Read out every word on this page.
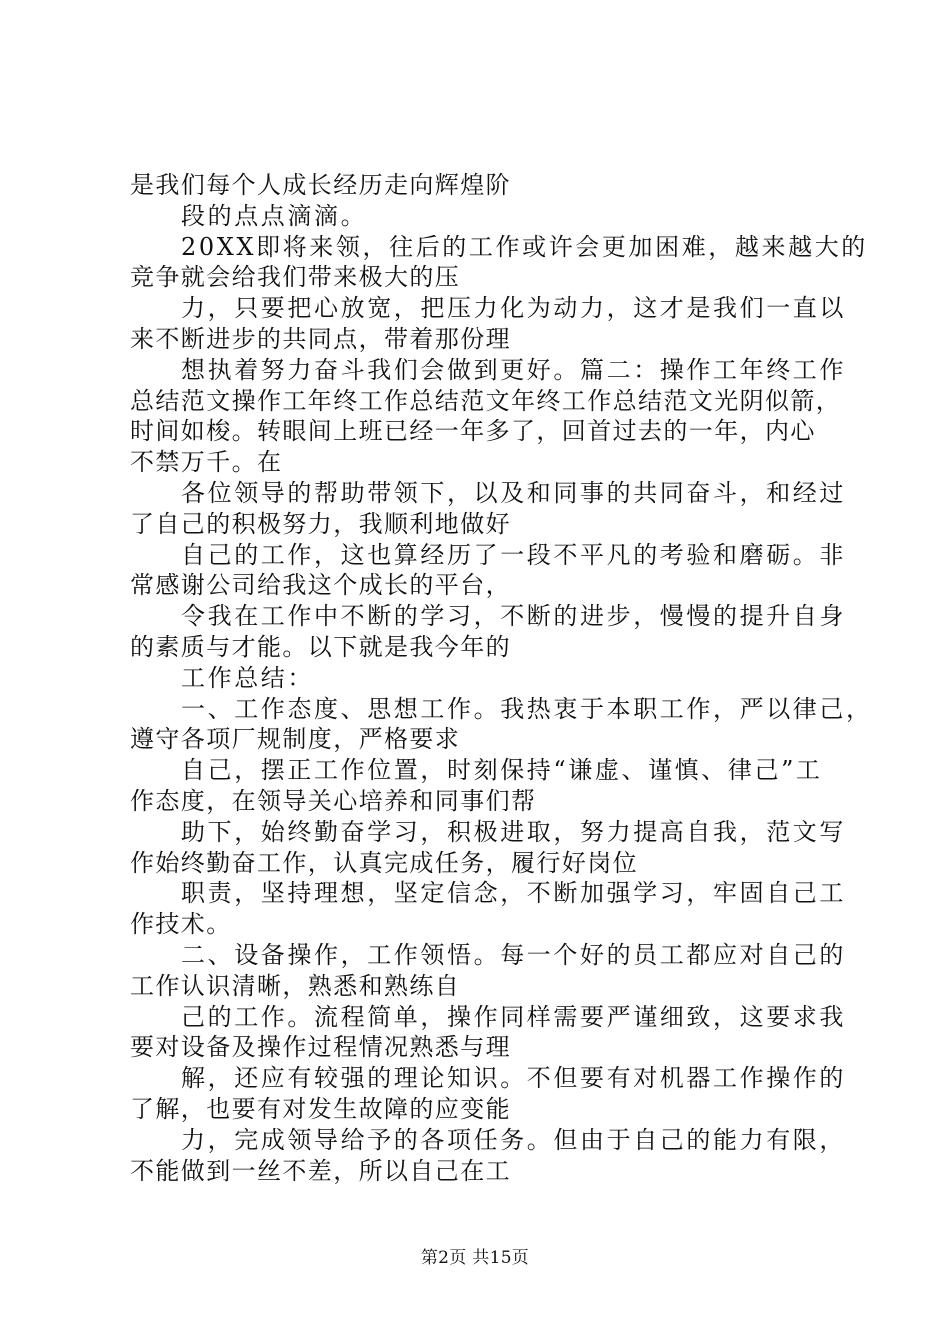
是我们每个人成长经历走向辉煌阶
段的点点滴滴。
20XX即将来领，往后的工作或许会更加困难，越来越大的
竞争就会给我们带来极大的压
力，只要把心放宽，把压力化为动力，这才是我们一直以
来不断进步的共同点，带着那份理
想执着努力奋斗我们会做到更好。篇二：操作工年终工作
总结范文操作工年终工作总结范文年终工作总结范文光阴似箭，
时间如梭。转眼间上班已经一年多了，回首过去的一年，内心
不禁万千。在
各位领导的帮助带领下，以及和同事的共同奋斗，和经过
了自己的积极努力，我顺利地做好
自己的工作，这也算经历了一段不平凡的考验和磨砺。非
常感谢公司给我这个成长的平台，
令我在工作中不断的学习，不断的进步，慢慢的提升自身
的素质与才能。以下就是我今年的
工作总结：
一、工作态度、思想工作。我热衷于本职工作，严以律己，
遵守各项厂规制度，严格要求
自己，摆正工作位置，时刻保持“谦虚、谨慎、律己”工
作态度，在领导关心培养和同事们帮
助下，始终勤奋学习，积极进取，努力提高自我，范文写
作始终勤奋工作，认真完成任务，履行好岗位
职责，坚持理想，坚定信念，不断加强学习，牢固自己工
作技术。
二、设备操作，工作领悟。每一个好的员工都应对自己的
工作认识清晰，熟悉和熟练自
己的工作。流程简单，操作同样需要严谨细致，这要求我
要对设备及操作过程情况熟悉与理
解，还应有较强的理论知识。不但要有对机器工作操作的
了解，也要有对发生故障的应变能
力，完成领导给予的各项任务。但由于自己的能力有限，
不能做到一丝不差，所以自己在工
第2页 共15页
